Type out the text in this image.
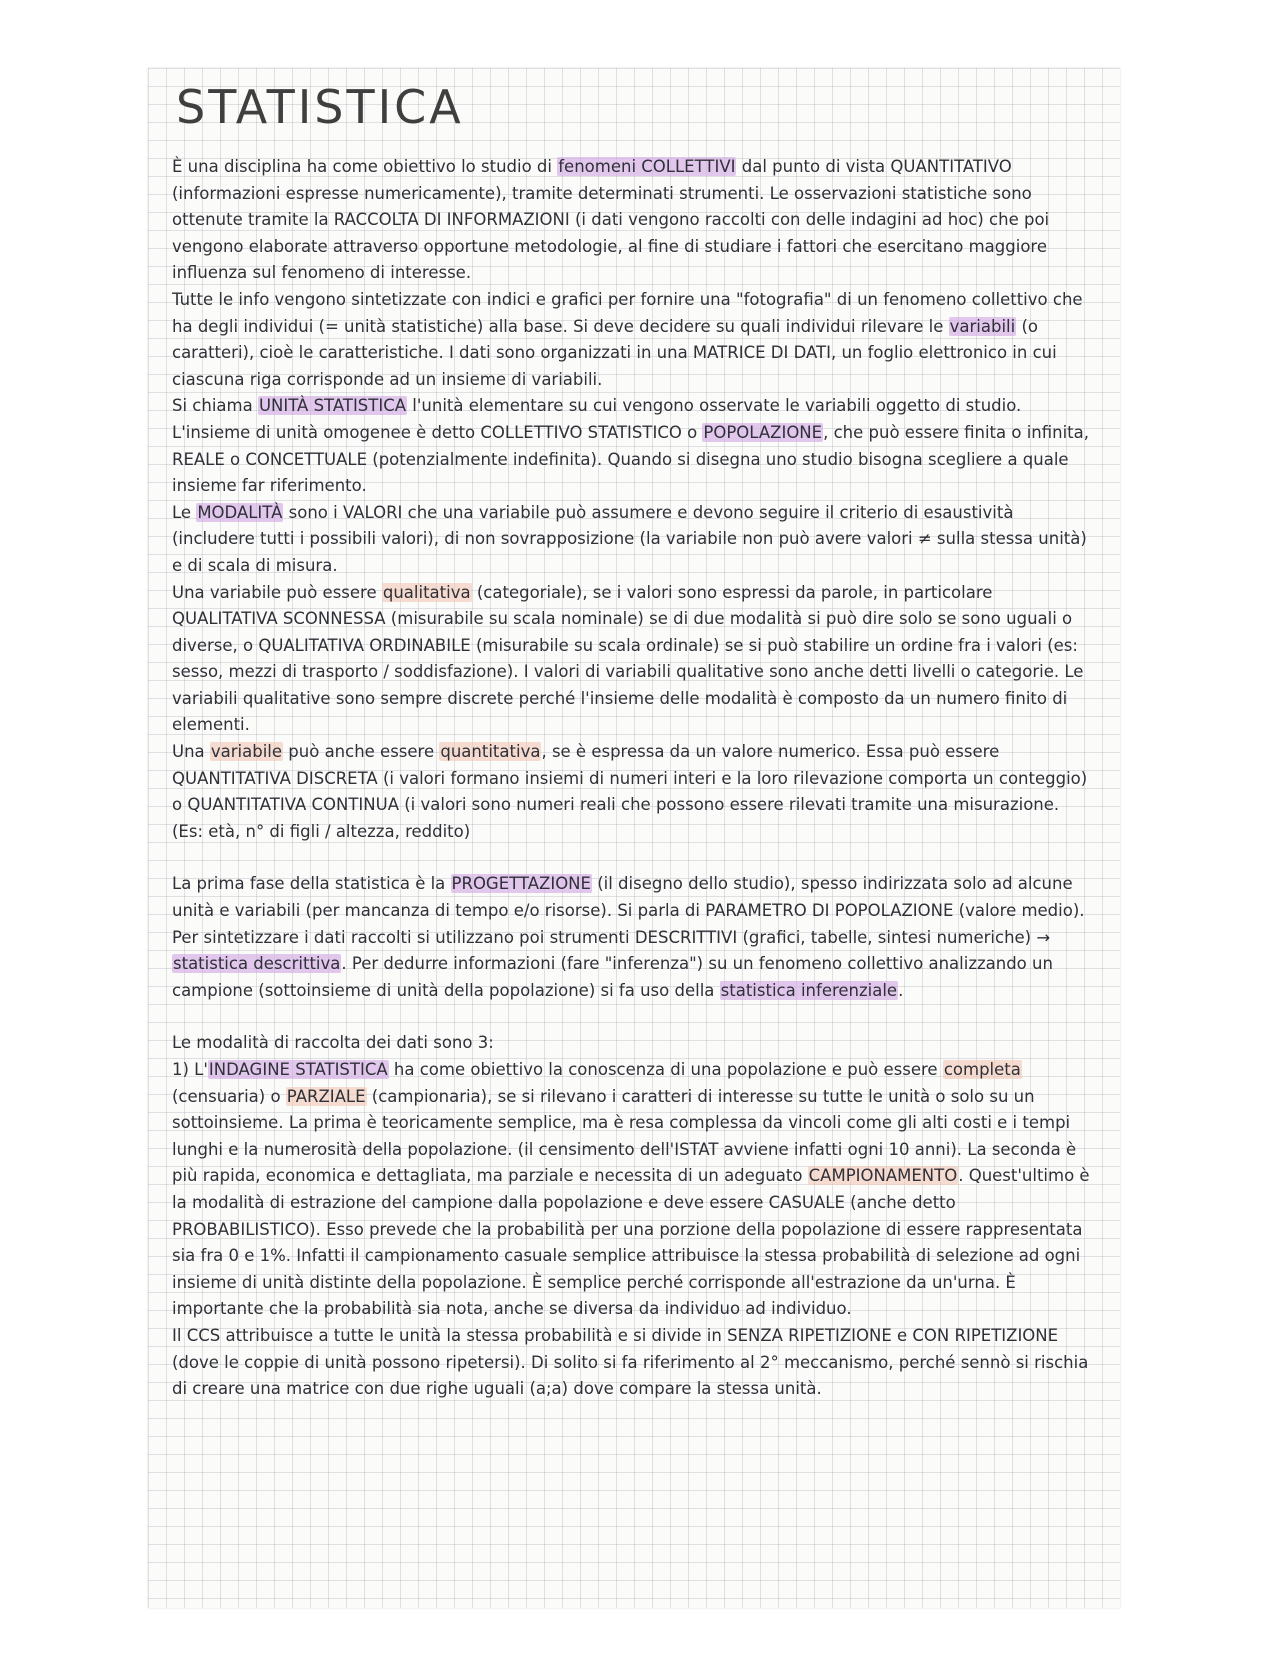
STATISTICA

È una disciplina ha come obiettivo lo studio di fenomeni COLLETTIVI dal punto di vista QUANTITATIVO (informazioni espresse numericamente), tramite determinati strumenti. Le osservazioni statistiche sono ottenute tramite la RACCOLTA DI INFORMAZIONI (i dati vengono raccolti con delle indagini ad hoc) che poi vengono elaborate attraverso opportune metodologie, al fine di studiare i fattori che esercitano maggiore influenza sul fenomeno di interesse.

Tutte le info vengono sintetizzate con indici e grafici per fornire una "fotografia" di un fenomeno collettivo che ha degli individui (= unità statistiche) alla base. Si deve decidere su quali individui rilevare le variabili (o caratteri), cioè le caratteristiche. I dati sono organizzati in una MATRICE DI DATI, un foglio elettronico in cui ciascuna riga corrisponde ad un insieme di variabili.

Si chiama UNITÀ STATISTICA l'unità elementare su cui vengono osservate le variabili oggetto di studio. L'insieme di unità omogenee è detto COLLETTIVO STATISTICO o POPOLAZIONE, che può essere finita o infinita, REALE o CONCETTUALE (potenzialmente indefinita). Quando si disegna uno studio bisogna scegliere a quale insieme far riferimento.

Le MODALITÀ sono i VALORI che una variabile può assumere e devono seguire il criterio di esaustività (includere tutti i possibili valori), di non sovrapposizione (la variabile non può avere valori ≠ sulla stessa unità) e di scala di misura.

Una variabile può essere qualitativa (categoriale), se i valori sono espressi da parole, in particolare QUALITATIVA SCONNESSA (misurabile su scala nominale) se di due modalità si può dire solo se sono uguali o diverse, o QUALITATIVA ORDINABILE (misurabile su scala ordinale) se si può stabilire un ordine fra i valori (es: sesso, mezzi di trasporto / soddisfazione). I valori di variabili qualitative sono anche detti livelli o categorie. Le variabili qualitative sono sempre discrete perché l'insieme delle modalità è composto da un numero finito di elementi.

Una variabile può anche essere quantitativa, se è espressa da un valore numerico. Essa può essere QUANTITATIVA DISCRETA (i valori formano insiemi di numeri interi e la loro rilevazione comporta un conteggio) o QUANTITATIVA CONTINUA (i valori sono numeri reali che possono essere rilevati tramite una misurazione. (Es: età, n° di figli / altezza, reddito)

La prima fase della statistica è la PROGETTAZIONE (il disegno dello studio), spesso indirizzata solo ad alcune unità e variabili (per mancanza di tempo e/o risorse). Si parla di PARAMETRO DI POPOLAZIONE (valore medio). Per sintetizzare i dati raccolti si utilizzano poi strumenti DESCRITTIVI (grafici, tabelle, sintesi numeriche) → statistica descrittiva. Per dedurre informazioni (fare "inferenza") su un fenomeno collettivo analizzando un campione (sottoinsieme di unità della popolazione) si fa uso della statistica inferenziale.

Le modalità di raccolta dei dati sono 3:

1) L'INDAGINE STATISTICA ha come obiettivo la conoscenza di una popolazione e può essere completa (censuaria) o PARZIALE (campionaria), se si rilevano i caratteri di interesse su tutte le unità o solo su un sottoinsieme. La prima è teoricamente semplice, ma è resa complessa da vincoli come gli alti costi e i tempi lunghi e la numerosità della popolazione. (il censimento dell'ISTAT avviene infatti ogni 10 anni). La seconda è più rapida, economica e dettagliata, ma parziale e necessita di un adeguato CAMPIONAMENTO. Quest'ultimo è la modalità di estrazione del campione dalla popolazione e deve essere CASUALE (anche detto PROBABILISTICO). Esso prevede che la probabilità per una porzione della popolazione di essere rappresentata sia fra 0 e 1%. Infatti il campionamento casuale semplice attribuisce la stessa probabilità di selezione ad ogni insieme di unità distinte della popolazione. È semplice perché corrisponde all'estrazione da un'urna. È importante che la probabilità sia nota, anche se diversa da individuo ad individuo.

Il CCS attribuisce a tutte le unità la stessa probabilità e si divide in SENZA RIPETIZIONE e CON RIPETIZIONE (dove le coppie di unità possono ripetersi). Di solito si fa riferimento al 2° meccanismo, perché sennò si rischia di creare una matrice con due righe uguali (a;a) dove compare la stessa unità.
